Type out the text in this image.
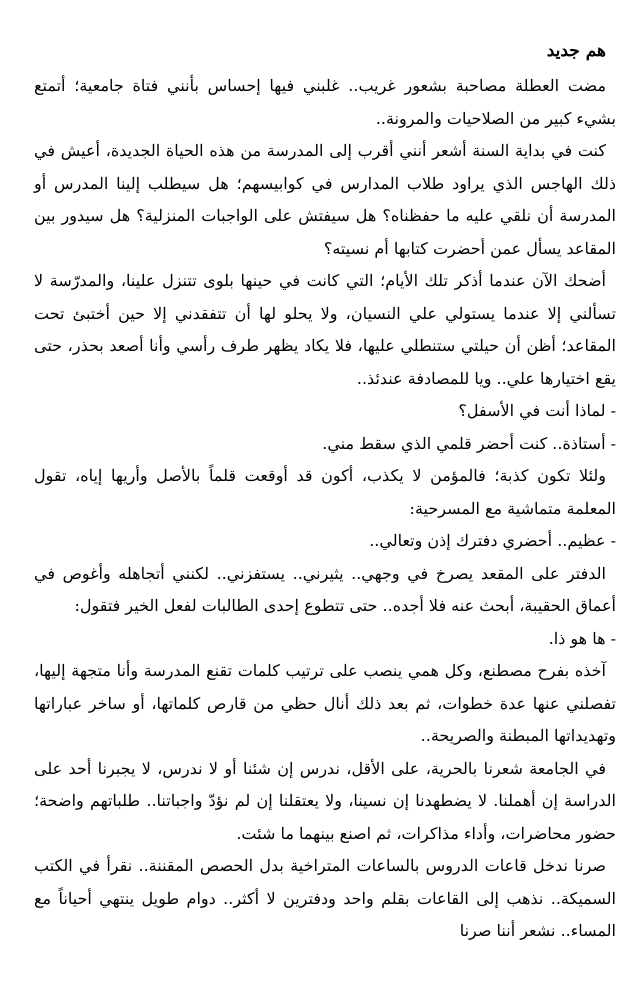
هم جديد

مضت العطلة مصاحبة بشعور غريب.. غلبني فيها إحساس بأنني فتاة جامعية؛ أتمتع بشيء كبير من الصلاحيات والمرونة..

كنت في بداية السنة أشعر أنني أقرب إلى المدرسة من هذه الحياة الجديدة، أعيش في ذلك الهاجس الذي يراود طلاب المدارس في كوابيسهم؛ هل سيطلب إلينا المدرس أو المدرسة أن نلقي عليه ما حفظناه؟ هل سيفتش على الواجبات المنزلية؟ هل سيدور بين المقاعد يسأل عمن أحضرت كتابها أم نسيته؟

أضحك الآن عندما أذكر تلك الأيام؛ التي كانت في حينها بلوى تتنزل علينا، والمدرّسة لا تسألني إلا عندما يستولي علي النسيان، ولا يحلو لها أن تتفقدني إلا حين أختبئ تحت المقاعد؛ أظن أن حيلتي ستنطلي عليها، فلا يكاد يظهر طرف رأسي وأنا أصعد بحذر، حتى يقع اختيارها علي.. ويا للمصادفة عندئذ..

- لماذا أنت في الأسفل؟

- أستاذة.. كنت أحضر قلمي الذي سقط مني.

ولئلا تكون كذبة؛ فالمؤمن لا يكذب، أكون قد أوقعت قلماً بالأصل وأريها إياه، تقول المعلمة متماشية مع المسرحية:

- عظيم.. أحضري دفترك إذن وتعالي..

الدفتر على المقعد يصرخ في وجهي.. يثيرني.. يستفزني.. لكنني أتجاهله وأغوص في أعماق الحقيبة، أبحث عنه فلا أجده.. حتى تتطوع إحدى الطالبات لفعل الخير فتقول:

- ها هو ذا.

آخذه بفرح مصطنع، وكل همي ينصب على ترتيب كلمات تقنع المدرسة وأنا متجهة إليها، تفصلني عنها عدة خطوات، ثم بعد ذلك أنال حظي من قارص كلماتها، أو ساخر عباراتها وتهديداتها المبطنة والصريحة..

في الجامعة شعرنا بالحرية، على الأقل، ندرس إن شئنا أو لا ندرس، لا يجبرنا أحد على الدراسة إن أهملنا. لا يضطهدنا إن نسينا، ولا يعتقلنا إن لم نؤدّ واجباتنا.. طلباتهم واضحة؛ حضور محاضرات، وأداء مذاكرات، ثم اصنع بينهما ما شئت.

صرنا ندخل قاعات الدروس بالساعات المتراخية بدل الحصص المقننة.. نقرأ في الكتب السميكة.. نذهب إلى القاعات بقلم واحد ودفترين لا أكثر.. دوام طويل ينتهي أحياناً مع المساء.. نشعر أننا صرنا
